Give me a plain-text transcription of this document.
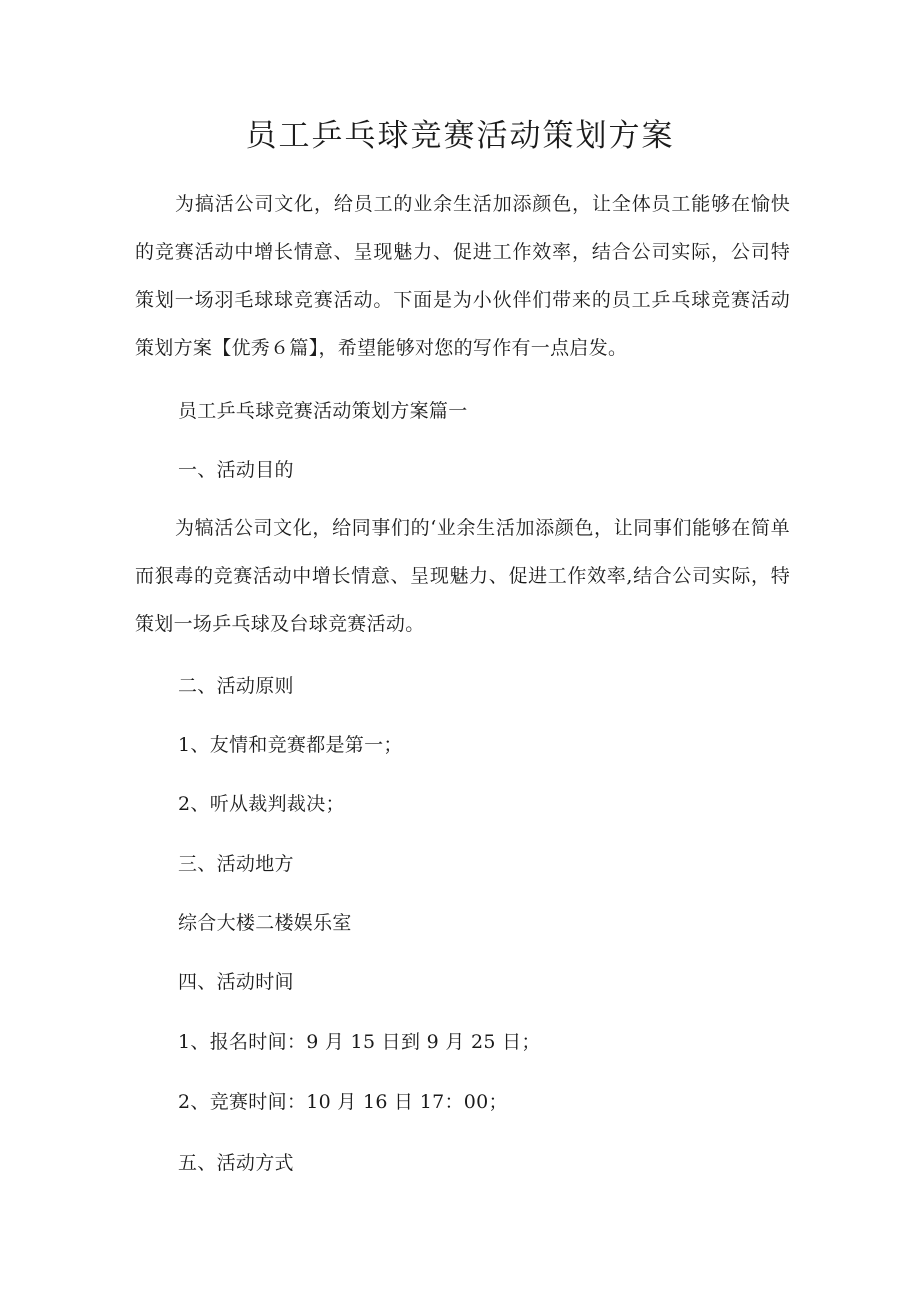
员工乒乓球竞赛活动策划方案

为搞活公司文化，给员工的业余生活加添颜色，让全体员工能够在愉快的竞赛活动中增长情意、呈现魅力、促进工作效率，结合公司实际，公司特策划一场羽毛球球竞赛活动。下面是为小伙伴们带来的员工乒乓球竞赛活动策划方案【优秀６篇】，希望能够对您的写作有一点启发。

员工乒乓球竞赛活动策划方案篇一

一、活动目的

为犒活公司文化，给同事们的‘业余生活加添颜色，让同事们能够在简单而狠毒的竞赛活动中增长情意、呈现魅力、促进工作效率,结合公司实际，特策划一场乒乓球及台球竞赛活动。

二、活动原则

1、友情和竞赛都是第一；

2、听从裁判裁决；

三、活动地方

综合大楼二楼娱乐室

四、活动时间

1、报名时间：9 月 15 日到 9 月 25 日；

2、竞赛时间：10 月 16 日 17：00；

五、活动方式
